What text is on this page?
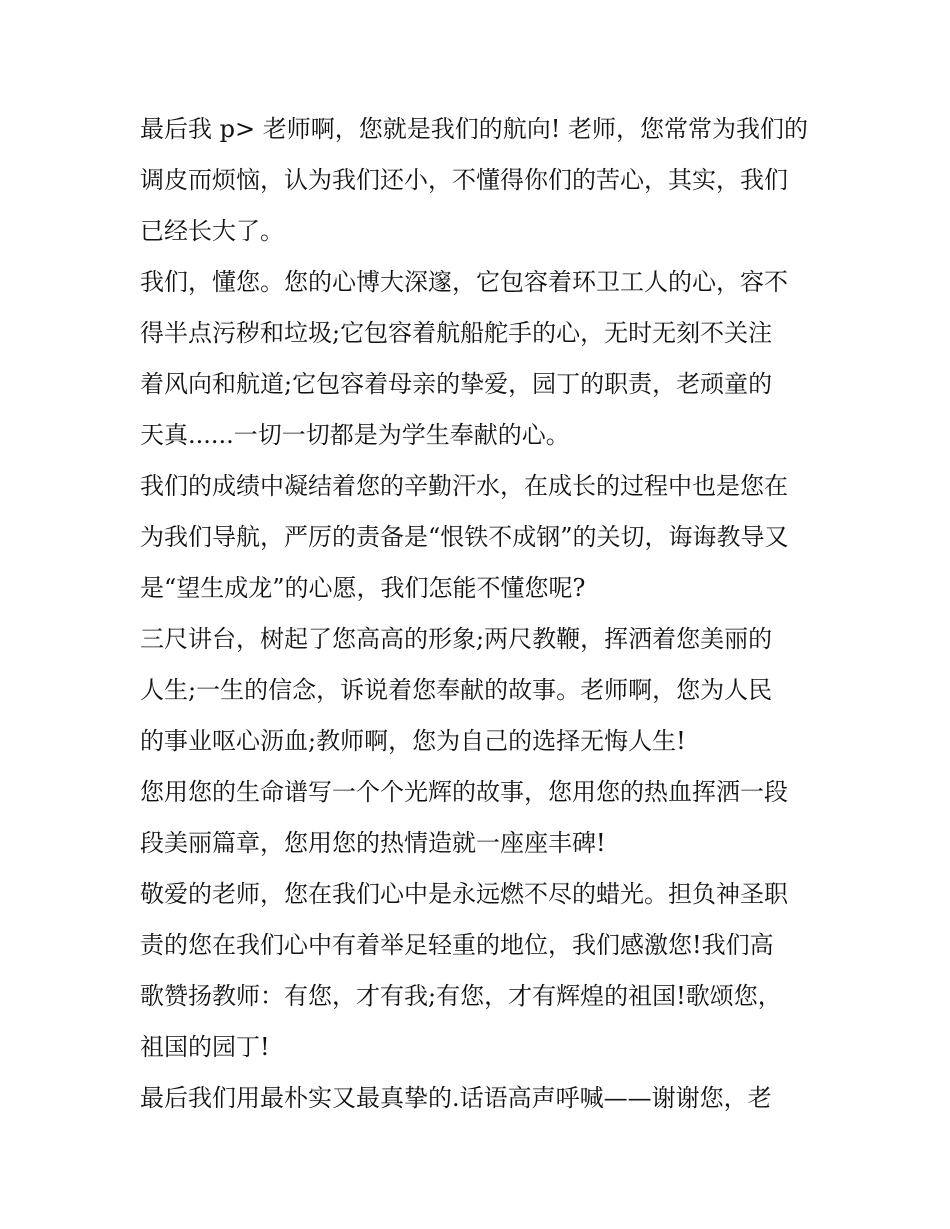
最后我 p> 老师啊，您就是我们的航向! 老师，您常常为我们的
调皮而烦恼，认为我们还小，不懂得你们的苦心，其实，我们
已经长大了。
我们，懂您。您的心博大深邃，它包容着环卫工人的心，容不
得半点污秽和垃圾;它包容着航船舵手的心，无时无刻不关注
着风向和航道;它包容着母亲的挚爱，园丁的职责，老顽童的
天真......一切一切都是为学生奉献的心。
我们的成绩中凝结着您的辛勤汗水，在成长的过程中也是您在
为我们导航，严厉的责备是“恨铁不成钢”的关切，诲诲教导又
是“望生成龙”的心愿，我们怎能不懂您呢?
三尺讲台，树起了您高高的形象;两尺教鞭，挥洒着您美丽的
人生;一生的信念，诉说着您奉献的故事。老师啊，您为人民
的事业呕心沥血;教师啊，您为自己的选择无悔人生!
您用您的生命谱写一个个光辉的故事，您用您的热血挥洒一段
段美丽篇章，您用您的热情造就一座座丰碑!
敬爱的老师，您在我们心中是永远燃不尽的蜡光。担负神圣职
责的您在我们心中有着举足轻重的地位，我们感激您!我们高
歌赞扬教师：有您，才有我;有您，才有辉煌的祖国!歌颂您，
祖国的园丁!
最后我们用最朴实又最真挚的.话语高声呼喊——谢谢您，老
